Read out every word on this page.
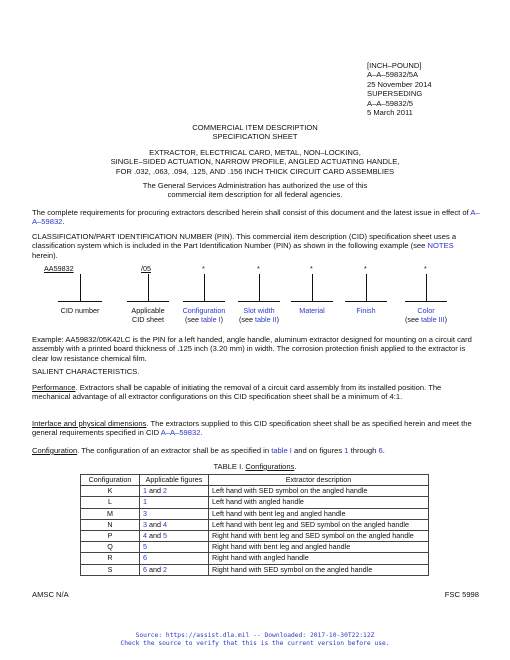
[INCH–POUND]
A–A–59832/5A
25 November 2014
SUPERSEDING
A–A–59832/5
5 March 2011
COMMERCIAL ITEM DESCRIPTION
SPECIFICATION SHEET
EXTRACTOR, ELECTRICAL CARD, METAL, NON–LOCKING,
SINGLE–SIDED ACTUATION, NARROW PROFILE, ANGLED ACTUATING HANDLE,
FOR .032, .063, .094, .125, AND .156 INCH THICK CIRCUIT CARD ASSEMBLIES
The General Services Administration has authorized the use of this
commercial item description for all federal agencies.
The complete requirements for procuring extractors described herein shall consist of this document and the latest issue in effect of A–A–59832.
CLASSIFICATION/PART IDENTIFICATION NUMBER (PIN). This commercial item description (CID) specification sheet uses a classification system which is included in the Part Identification Number (PIN) as shown in the following example (see NOTES herein).
AA59832	/05	*	*	*	*	*
CID number	Applicable
CID sheet
Configuration
(see table I)
Slot width
(see table II)
Material	Finish	Color
(see table III)
Example: AA59832/05K42LC is the PIN for a left handed, angle handle, aluminum extractor designed for mounting on a circuit card assembly with a printed board thickness of .125 inch (3.20 mm) in width. The corrosion protection finish applied to the extractor is clear low resistance chemical film.
SALIENT CHARACTERISTICS.
Performance. Extractors shall be capable of initiating the removal of a circuit card assembly from its installed position. The mechanical advantage of all extractor configurations on this CID specification sheet shall be a minimum of 4:1.
Interface and physical dimensions. The extractors supplied to this CID specification sheet shall be as specified herein and meet the general requirements specified in CID A–A–59832.
Configuration. The configuration of an extractor shall be as specified in table I and on figures 1 through 6.
TABLE I. Configurations.
Configuration	Applicable figures	Extractor description
K	1 and 2	Left hand with SED symbol on the angled handle
L	1	Left hand with angled handle
M	3	Left hand with bent leg and angled handle
N	3 and 4	Left hand with bent leg and SED symbol on the angled handle
P	4 and 5	Right hand with bent leg and SED symbol on the angled handle
Q	5	Right hand with bent leg and angled handle
R	6	Right hand with angled handle
S	6 and 2	Right hand with SED symbol on the angled handle
AMSC N/A	FSC 5998
Source: https://assist.dla.mil -- Downloaded: 2017-10-30T22:12Z
Check the source to verify that this is the current version before use.
